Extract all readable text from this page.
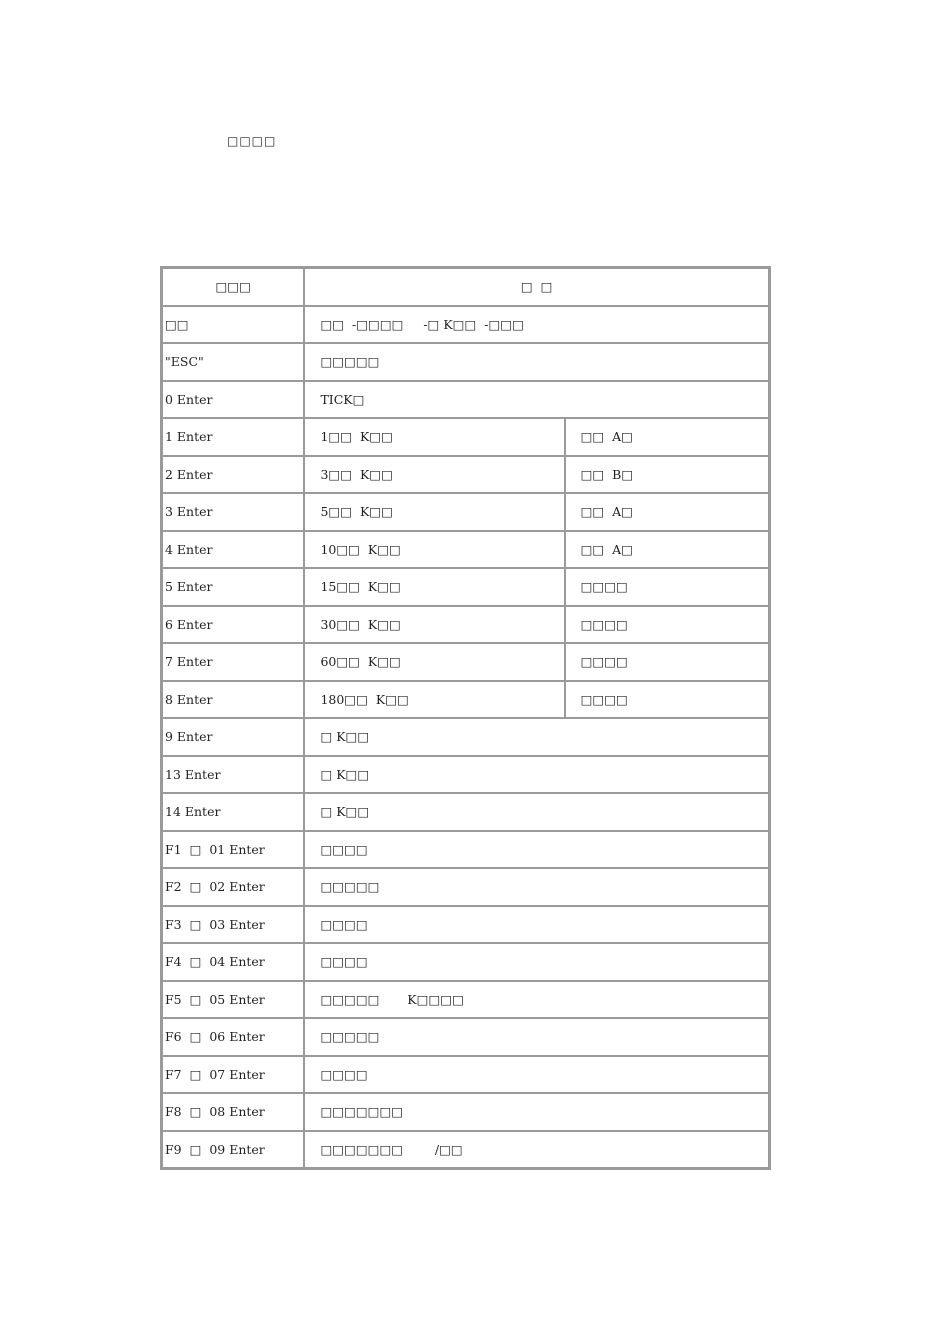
□□□□
□□□	□  □	
□□	□□  -□□□□     -□ K□□  -□□□	
"ESC"	□□□□□	
0 Enter	TICK□	
1 Enter	1□□  K□□	□□  A□
2 Enter	3□□  K□□	□□  B□
3 Enter	5□□  K□□	□□  A□
4 Enter	10□□  K□□	□□  A□
5 Enter	15□□  K□□	□□□□
6 Enter	30□□  K□□	□□□□
7 Enter	60□□  K□□	□□□□
8 Enter	180□□  K□□	□□□□
9 Enter	□ K□□	
13 Enter	□ K□□	
14 Enter	□ K□□	
F1  □  01 Enter	□□□□	
F2  □  02 Enter	□□□□□	
F3  □  03 Enter	□□□□	
F4  □  04 Enter	□□□□	
F5  □  05 Enter	□□□□□       K□□□□	
F6  □  06 Enter	□□□□□	
F7  □  07 Enter	□□□□	
F8  □  08 Enter	□□□□□□□	
F9  □  09 Enter	□□□□□□□        /□□	
